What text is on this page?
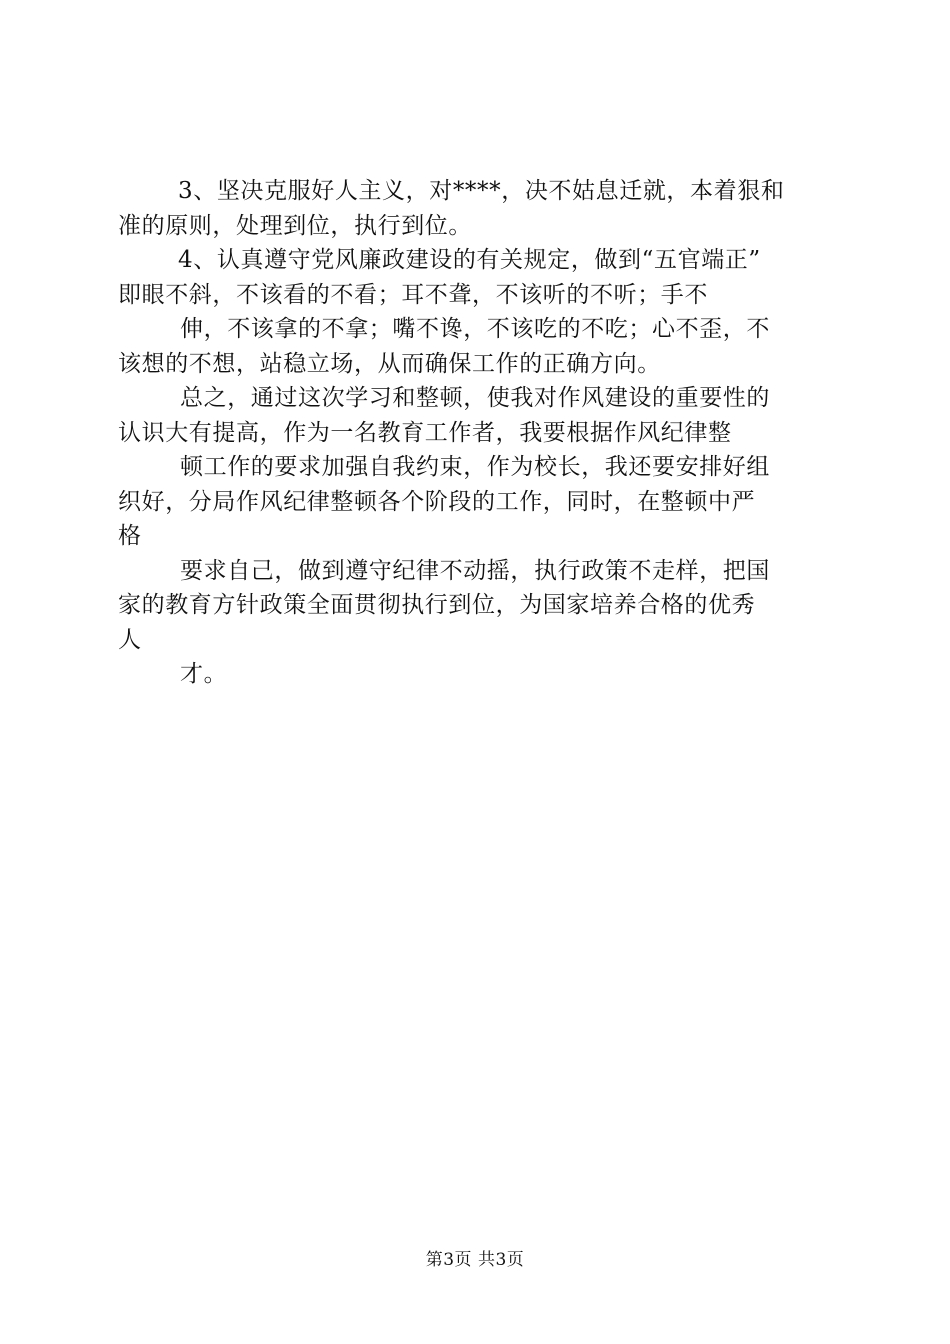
3、坚决克服好人主义，对****，决不姑息迁就，本着狠和
准的原则，处理到位，执行到位。
4、认真遵守党风廉政建设的有关规定，做到“五官端正”
即眼不斜，不该看的不看；耳不聋，不该听的不听；手不
伸，不该拿的不拿；嘴不谗，不该吃的不吃；心不歪，不
该想的不想，站稳立场，从而确保工作的正确方向。
总之，通过这次学习和整顿，使我对作风建设的重要性的
认识大有提高，作为一名教育工作者，我要根据作风纪律整
顿工作的要求加强自我约束，作为校长，我还要安排好组
织好，分局作风纪律整顿各个阶段的工作，同时，在整顿中严
格
要求自己，做到遵守纪律不动摇，执行政策不走样，把国
家的教育方针政策全面贯彻执行到位，为国家培养合格的优秀
人
才。
第3页 共3页
